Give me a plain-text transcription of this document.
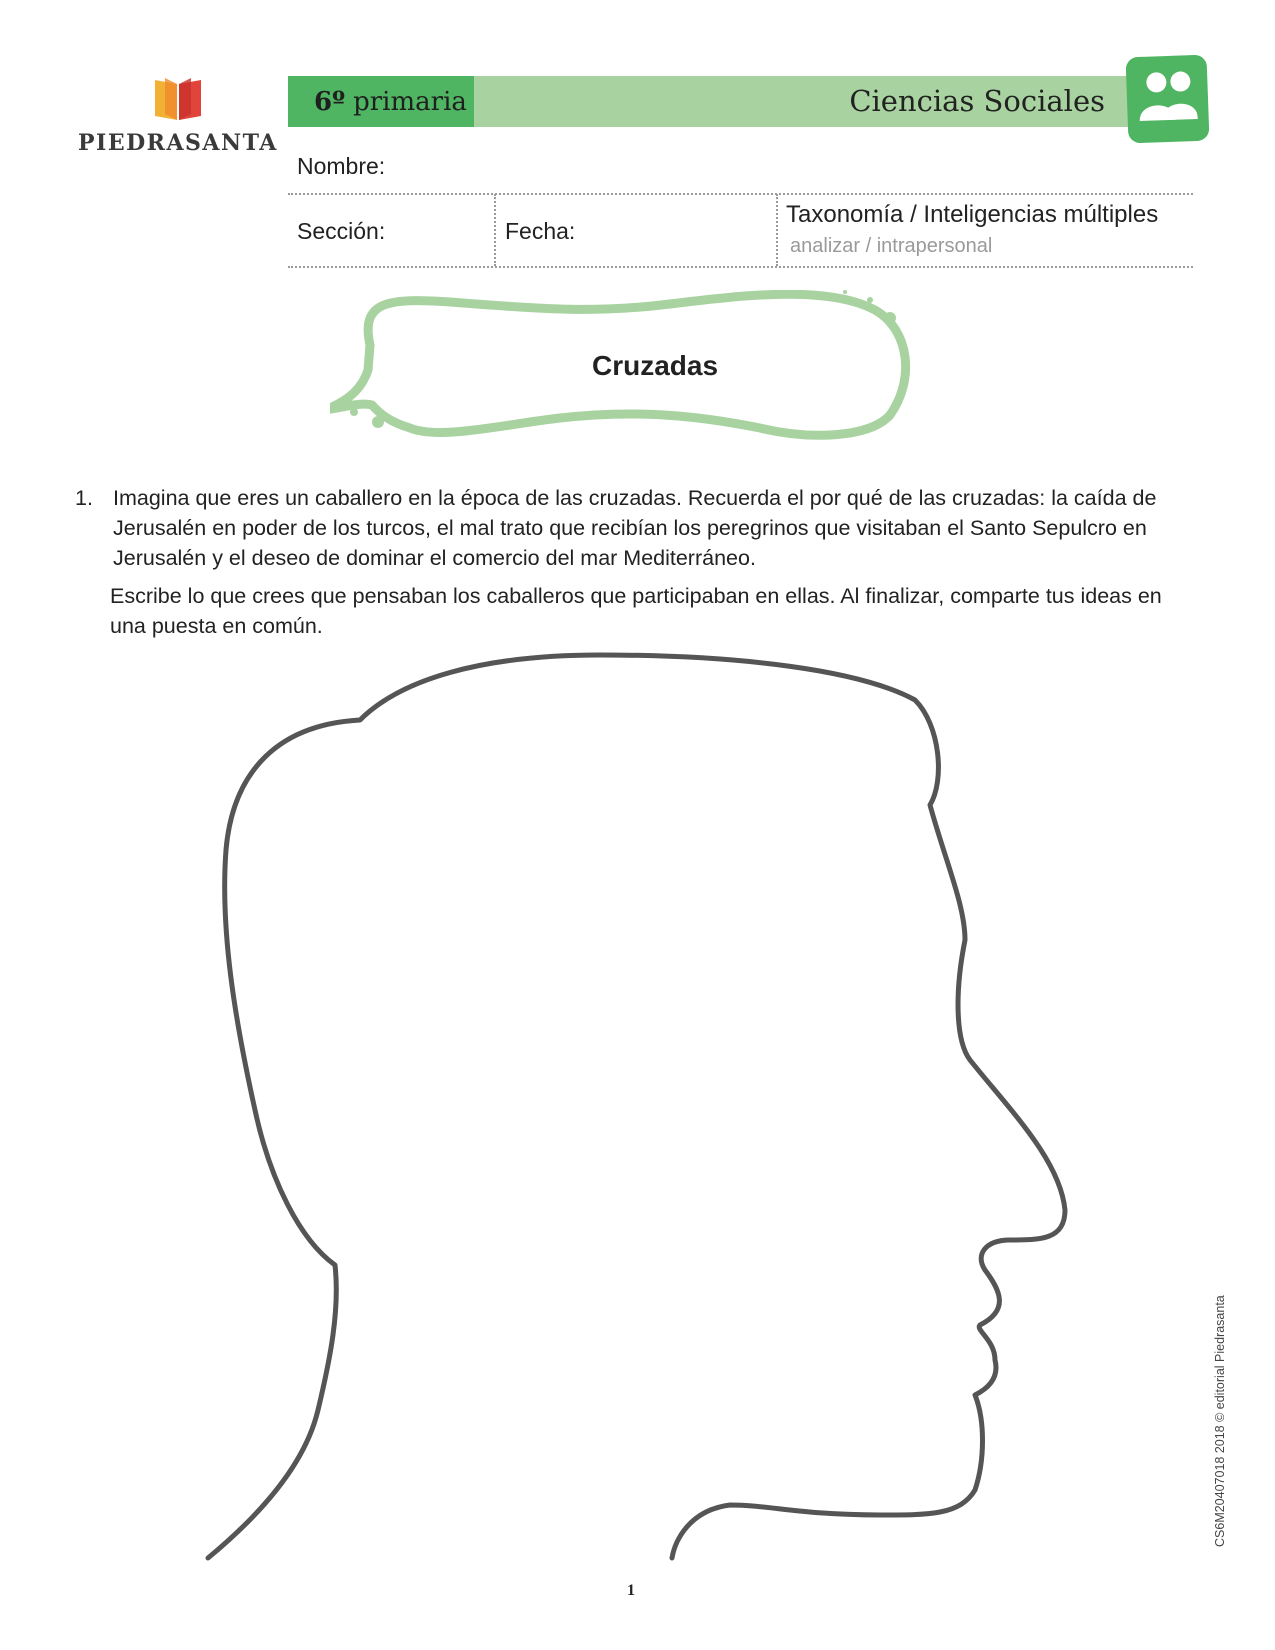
PIEDRASANTA
6º primaria	Ciencias Sociales
Nombre:
Sección:	Fecha:
Taxonomía / Inteligencias múltiples
analizar / intrapersonal
Cruzadas
1. Imagina que eres un caballero en la época de las cruzadas. Recuerda el por qué de las cruzadas: la caída de Jerusalén en poder de los turcos, el mal trato que recibían los peregrinos que visitaban el Santo Sepulcro en Jerusalén y el deseo de dominar el comercio del mar Mediterráneo.
Escribe lo que crees que pensaban los caballeros que participaban en ellas. Al finalizar, comparte tus ideas en una puesta en común.
1
CS6M20407018 2018 © editorial Piedrasanta
